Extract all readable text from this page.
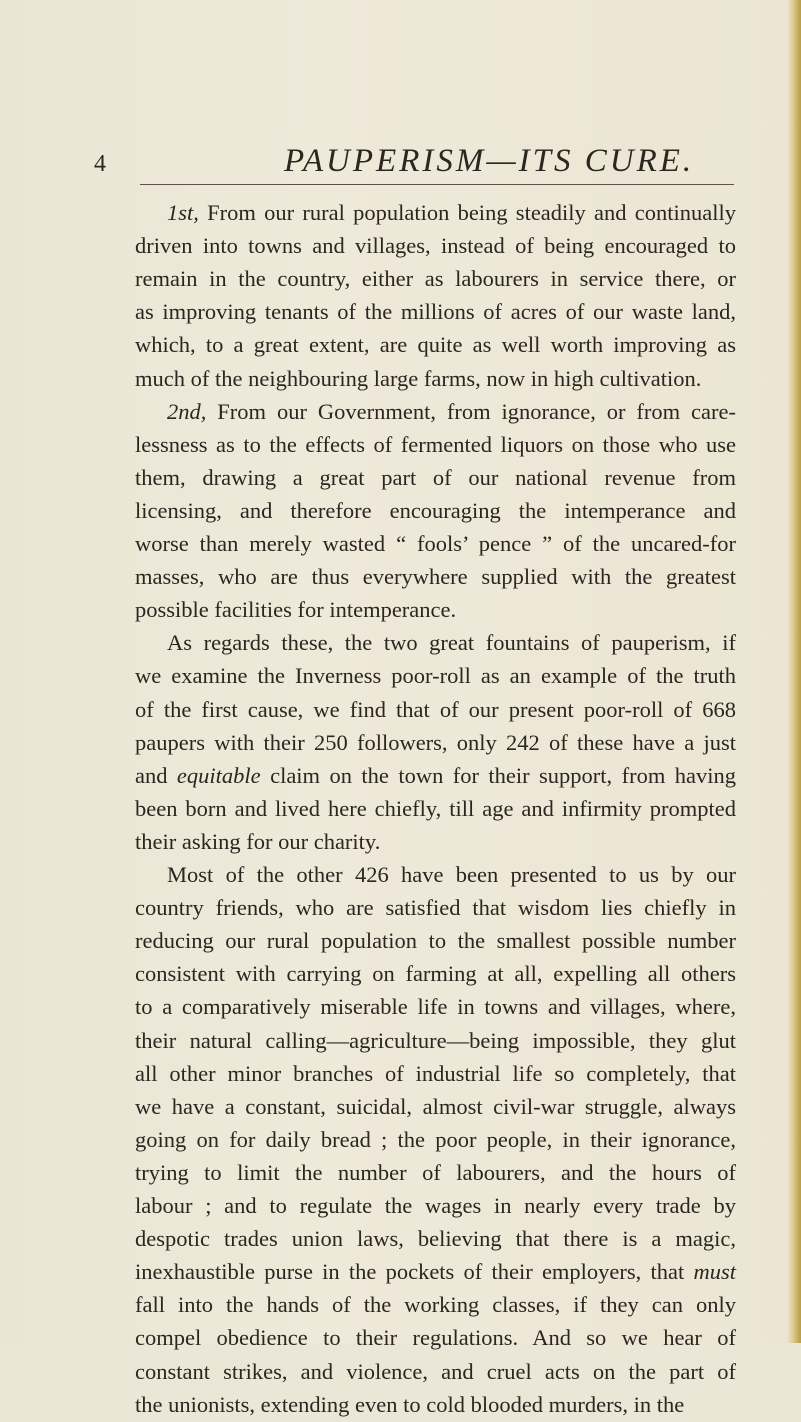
4	PAUPERISM—ITS CURE.
1st, From our rural population being steadily and continually
driven into towns and villages, instead of being encouraged to
remain in the country, either as labourers in service there, or
as improving tenants of the millions of acres of our waste land,
which, to a great extent, are quite as well worth improving as
much of the neighbouring large farms, now in high cultivation.
2nd, From our Government, from ignorance, or from care-
lessness as to the effects of fermented liquors on those who use
them, drawing a great part of our national revenue from
licensing, and therefore encouraging the intemperance and
worse than merely wasted “ fools’ pence ” of the uncared-for
masses, who are thus everywhere supplied with the greatest
possible facilities for intemperance.
As regards these, the two great fountains of pauperism, if
we examine the Inverness poor-roll as an example of the truth
of the first cause, we find that of our present poor-roll of 668
paupers with their 250 followers, only 242 of these have a just
and equitable claim on the town for their support, from having
been born and lived here chiefly, till age and infirmity prompted
their asking for our charity.
Most of the other 426 have been presented to us by our
country friends, who are satisfied that wisdom lies chiefly in
reducing our rural population to the smallest possible number
consistent with carrying on farming at all, expelling all others
to a comparatively miserable life in towns and villages, where,
their natural calling—agriculture—being impossible, they glut
all other minor branches of industrial life so completely, that
we have a constant, suicidal, almost civil-war struggle, always
going on for daily bread ; the poor people, in their ignorance,
trying to limit the number of labourers, and the hours of
labour ; and to regulate the wages in nearly every trade by
despotic trades union laws, believing that there is a magic,
inexhaustible purse in the pockets of their employers, that must
fall into the hands of the working classes, if they can only
compel obedience to their regulations. And so we hear of
constant strikes, and violence, and cruel acts on the part of
the unionists, extending even to cold blooded murders, in the
